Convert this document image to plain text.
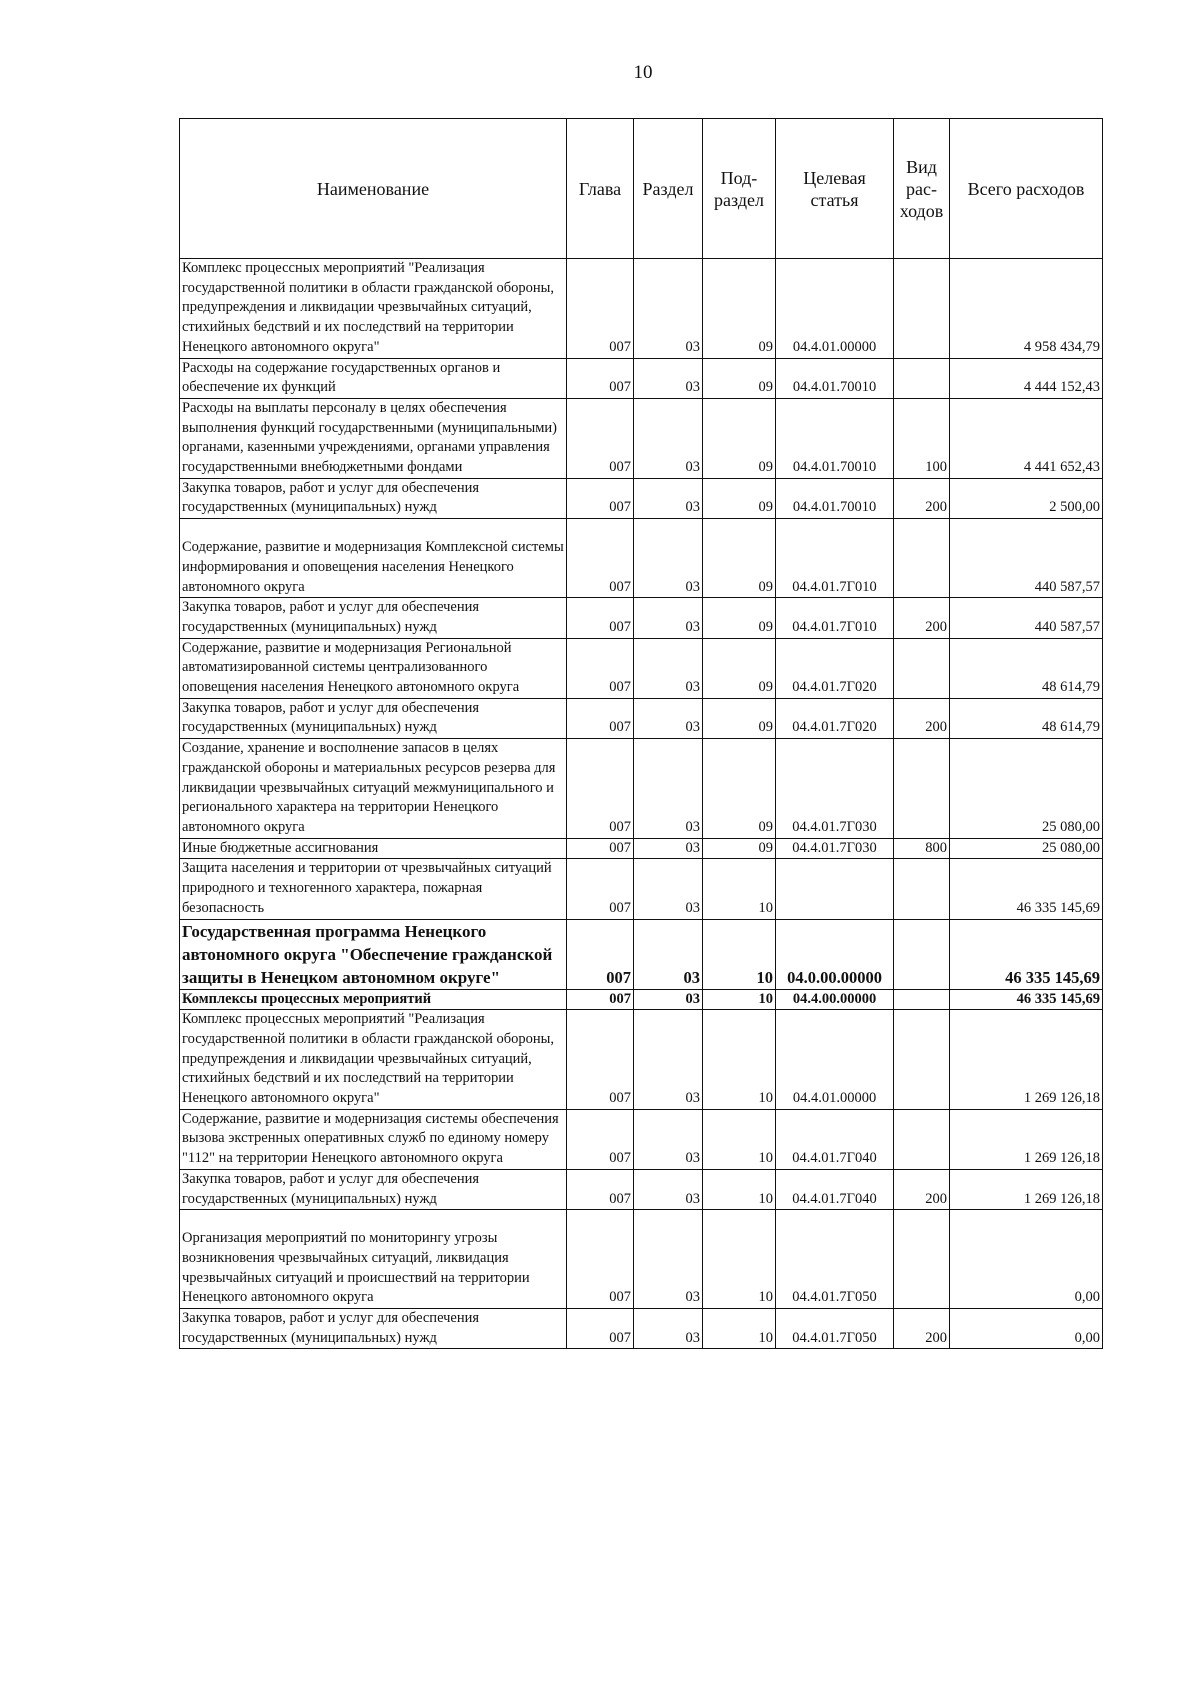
10
Наименование	Глава	Раздел	Под-раздел	Целевая статья	Вид рас-ходов	Всего расходов
Комплекс процессных мероприятий "Реализация государственной политики в области гражданской обороны, предупреждения и ликвидации чрезвычайных ситуаций, стихийных бедствий и их последствий на территории Ненецкого автономного округа"	007	03	09	04.4.01.00000		4 958 434,79
Расходы на содержание государственных органов и обеспечение их функций	007	03	09	04.4.01.70010		4 444 152,43
Расходы на выплаты персоналу в целях обеспечения выполнения функций государственными (муниципальными) органами, казенными учреждениями, органами управления государственными внебюджетными фондами	007	03	09	04.4.01.70010	100	4 441 652,43
Закупка товаров, работ и услуг для обеспечения государственных (муниципальных) нужд	007	03	09	04.4.01.70010	200	2 500,00
Содержание, развитие и модернизация Комплексной системы информирования и оповещения населения Ненецкого автономного округа	007	03	09	04.4.01.7Г010		440 587,57
Закупка товаров, работ и услуг для обеспечения государственных (муниципальных) нужд	007	03	09	04.4.01.7Г010	200	440 587,57
Содержание, развитие и модернизация Региональной автоматизированной системы централизованного оповещения населения Ненецкого автономного округа	007	03	09	04.4.01.7Г020		48 614,79
Закупка товаров, работ и услуг для обеспечения государственных (муниципальных) нужд	007	03	09	04.4.01.7Г020	200	48 614,79
Создание, хранение и восполнение запасов в целях гражданской обороны и материальных ресурсов резерва для ликвидации чрезвычайных ситуаций межмуниципального и регионального характера на территории Ненецкого автономного округа	007	03	09	04.4.01.7Г030		25 080,00
Иные бюджетные ассигнования	007	03	09	04.4.01.7Г030	800	25 080,00
Защита населения и территории от чрезвычайных ситуаций природного и техногенного характера, пожарная безопасность	007	03	10			46 335 145,69
Государственная программа Ненецкого автономного округа "Обеспечение гражданской защиты в Ненецком автономном округе"	007	03	10	04.0.00.00000		46 335 145,69
Комплексы процессных мероприятий	007	03	10	04.4.00.00000		46 335 145,69
Комплекс процессных мероприятий "Реализация государственной политики в области гражданской обороны, предупреждения и ликвидации чрезвычайных ситуаций, стихийных бедствий и их последствий на территории Ненецкого автономного округа"	007	03	10	04.4.01.00000		1 269 126,18
Содержание, развитие и модернизация системы обеспечения вызова экстренных оперативных служб по единому номеру "112" на территории Ненецкого автономного округа	007	03	10	04.4.01.7Г040		1 269 126,18
Закупка товаров, работ и услуг для обеспечения государственных (муниципальных) нужд	007	03	10	04.4.01.7Г040	200	1 269 126,18
Организация мероприятий по мониторингу угрозы возникновения чрезвычайных ситуаций, ликвидация чрезвычайных ситуаций и происшествий на территории Ненецкого автономного округа	007	03	10	04.4.01.7Г050		0,00
Закупка товаров, работ и услуг для обеспечения государственных (муниципальных) нужд	007	03	10	04.4.01.7Г050	200	0,00
